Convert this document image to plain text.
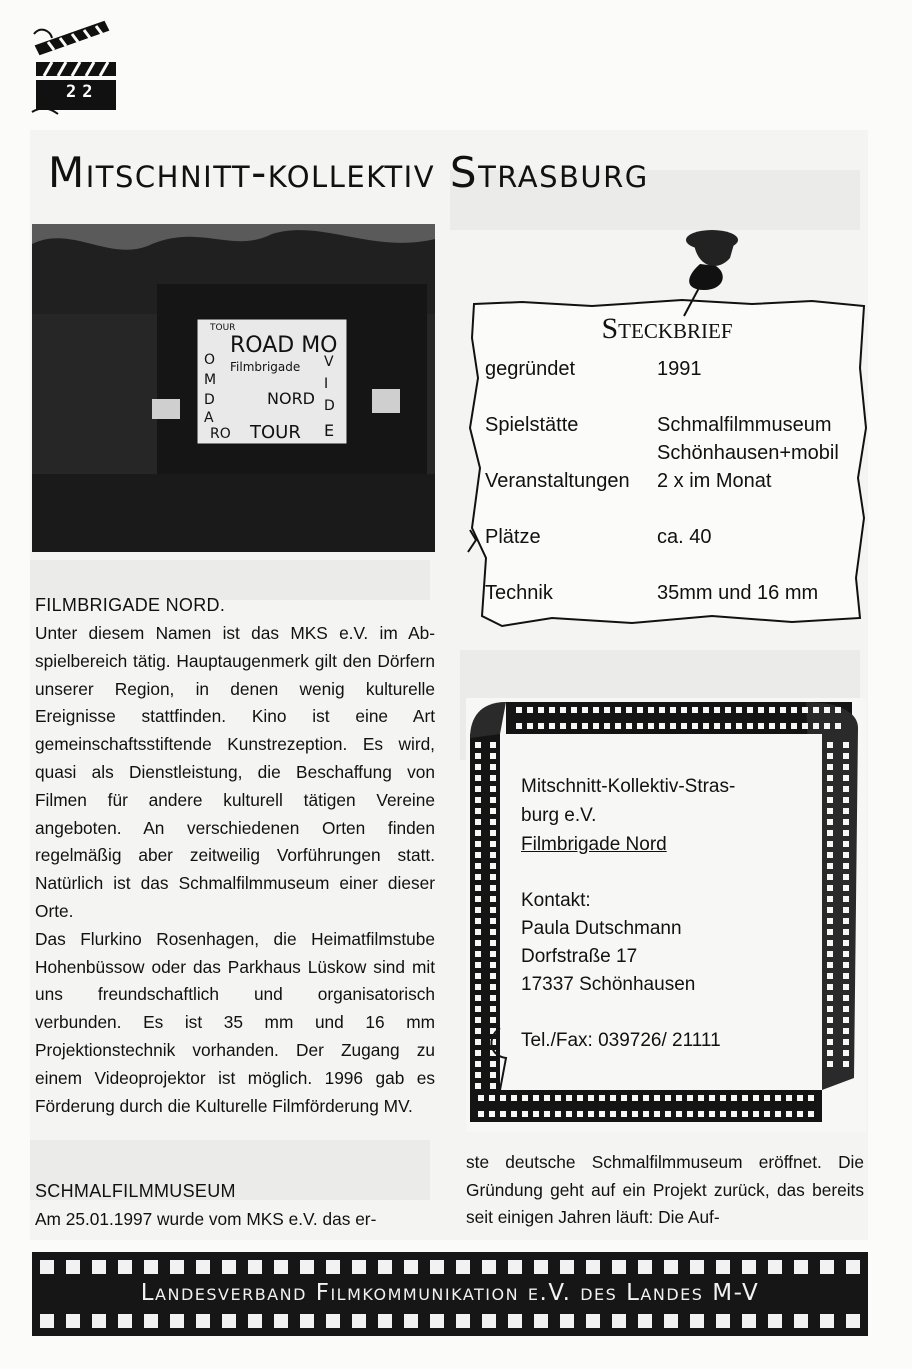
22
Mitschnitt-kollektiv Strasburg
TOUR
ROAD MO
Filmbrigade V
O
M
D
I
A
NORD D
TOUR
RO	E
Steckbrief
gegründet	1991
Spielstätte	Schmalfilmmuseum
Schönhausen+mobil
Veranstaltungen 2 x im Monat
Plätze	ca. 40
Technik	35mm und 16 mm
FILMBRIGADE NORD.

Unter diesem Namen ist das MKS e.V. im Abspielbereich tätig. Hauptaugenmerk gilt den Dörfern unserer Region, in denen wenig kulturelle Ereignisse stattfinden. Kino ist eine Art gemeinschaftsstiftende Kunstrezeption. Es wird, quasi als Dienstleistung, die Beschaffung von Filmen für andere kulturell tätigen Vereine angeboten. An verschiedenen Orten finden regelmäßig aber zeitweilig Vorführungen statt. Natürlich ist das Schmalfilmmuseum einer dieser Orte.

Das Flurkino Rosenhagen, die Heimatfilmstube Hohenbüssow oder das Parkhaus Lüskow sind mit uns freundschaftlich und organisatorisch verbunden. Es ist 35 mm und 16 mm Projektionstechnik vorhanden. Der Zugang zu einem Videoprojektor ist möglich. 1996 gab es Förderung durch die Kulturelle Filmförderung MV.

SCHMALFILMMUSEUM
Am 25.01.1997 wurde vom MKS e.V. das er-

ste deutsche Schmalfilmmuseum eröffnet. Die Gründung geht auf ein Projekt zurück, das bereits seit einigen Jahren läuft: Die Auf-

Mitschnitt-Kollektiv-Stras-
burg e.V.
Filmbrigade Nord
Kontakt:
Paula Dutschmann
Dorfstraße 17
17337 Schönhausen
Tel./Fax: 039726/ 21111
Landesverband Filmkommunikation e.V. des Landes M-V
